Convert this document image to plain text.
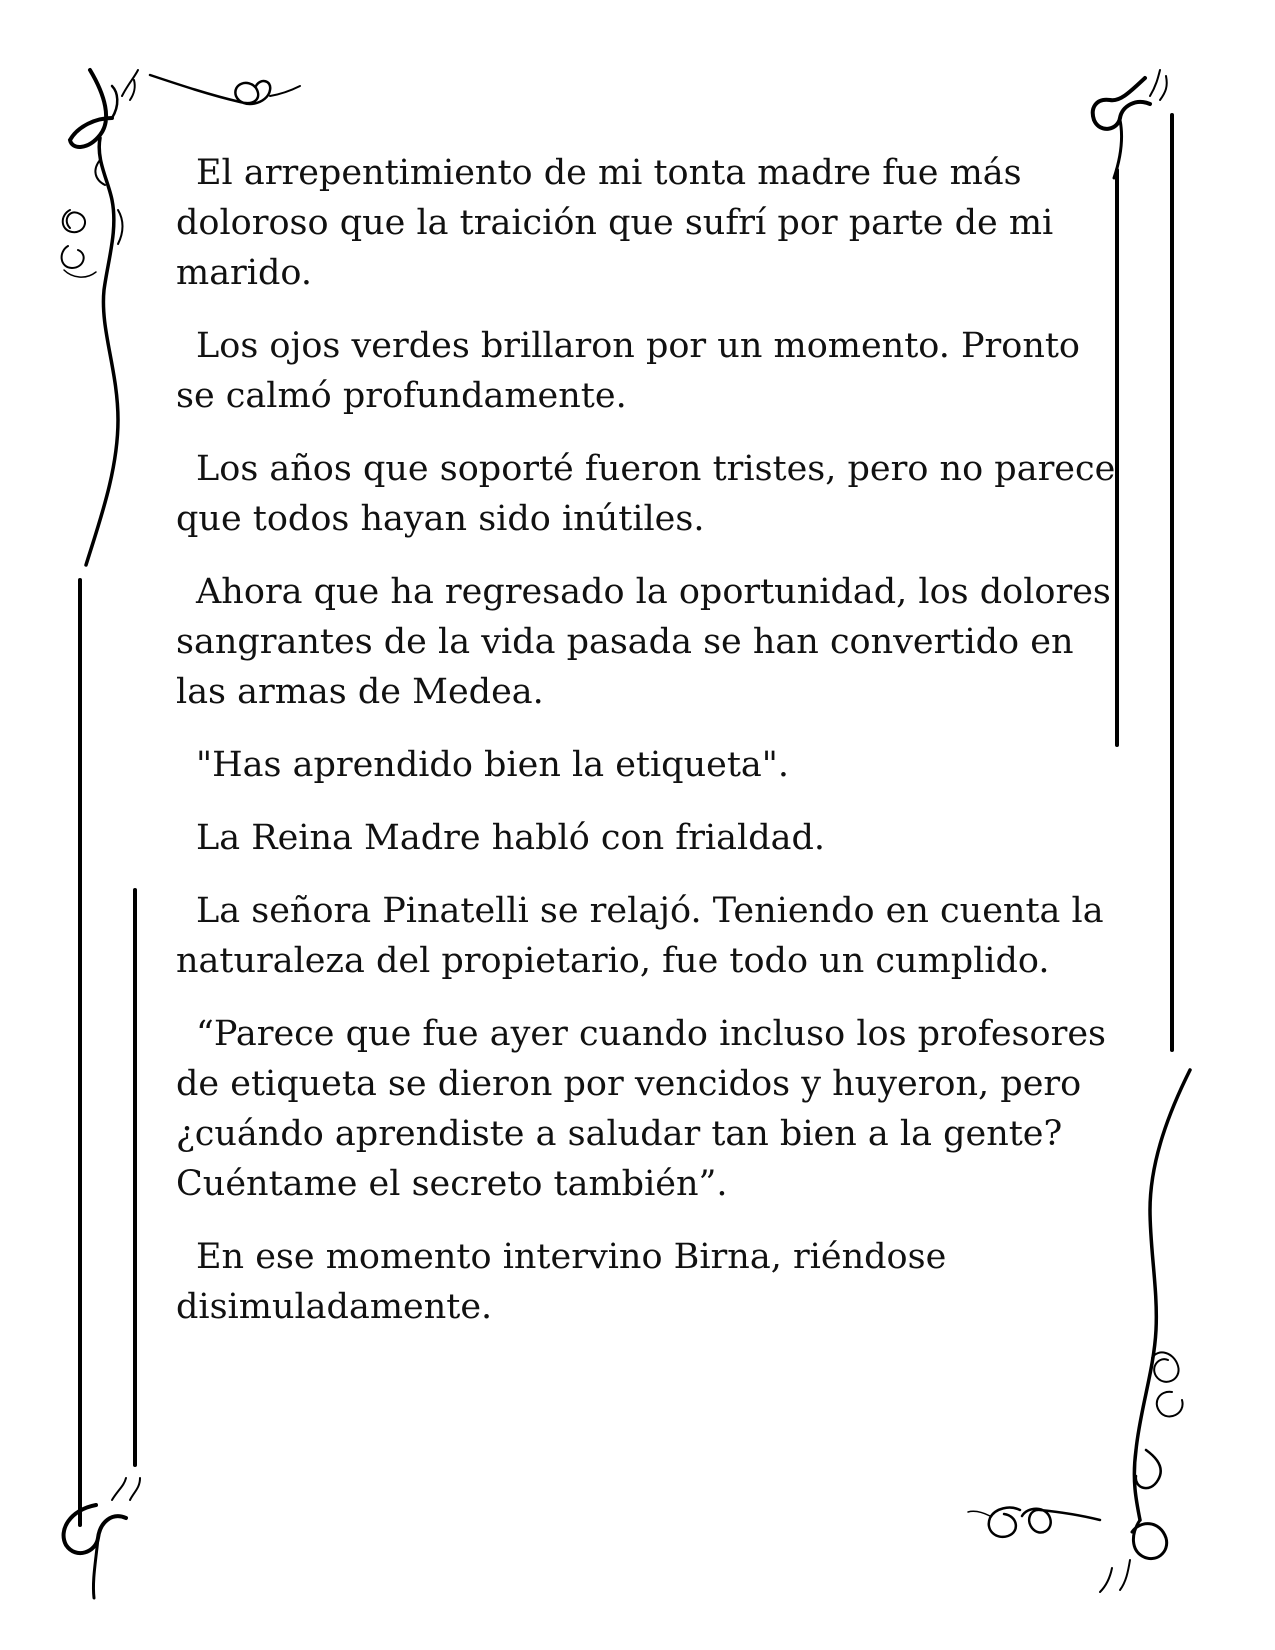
El arrepentimiento de mi tonta madre fue más doloroso que la traición que sufrí por parte de mi marido.

Los ojos verdes brillaron por un momento. Pronto se calmó profundamente.

Los años que soporté fueron tristes, pero no parece que todos hayan sido inútiles.

Ahora que ha regresado la oportunidad, los dolores sangrantes de la vida pasada se han convertido en las armas de Medea.

"Has aprendido bien la etiqueta".

La Reina Madre habló con frialdad.

La señora Pinatelli se relajó. Teniendo en cuenta la naturaleza del propietario, fue todo un cumplido.

“Parece que fue ayer cuando incluso los profesores de etiqueta se dieron por vencidos y huyeron, pero ¿cuándo aprendiste a saludar tan bien a la gente? Cuéntame el secreto también”.

En ese momento intervino Birna, riéndose disimuladamente.
